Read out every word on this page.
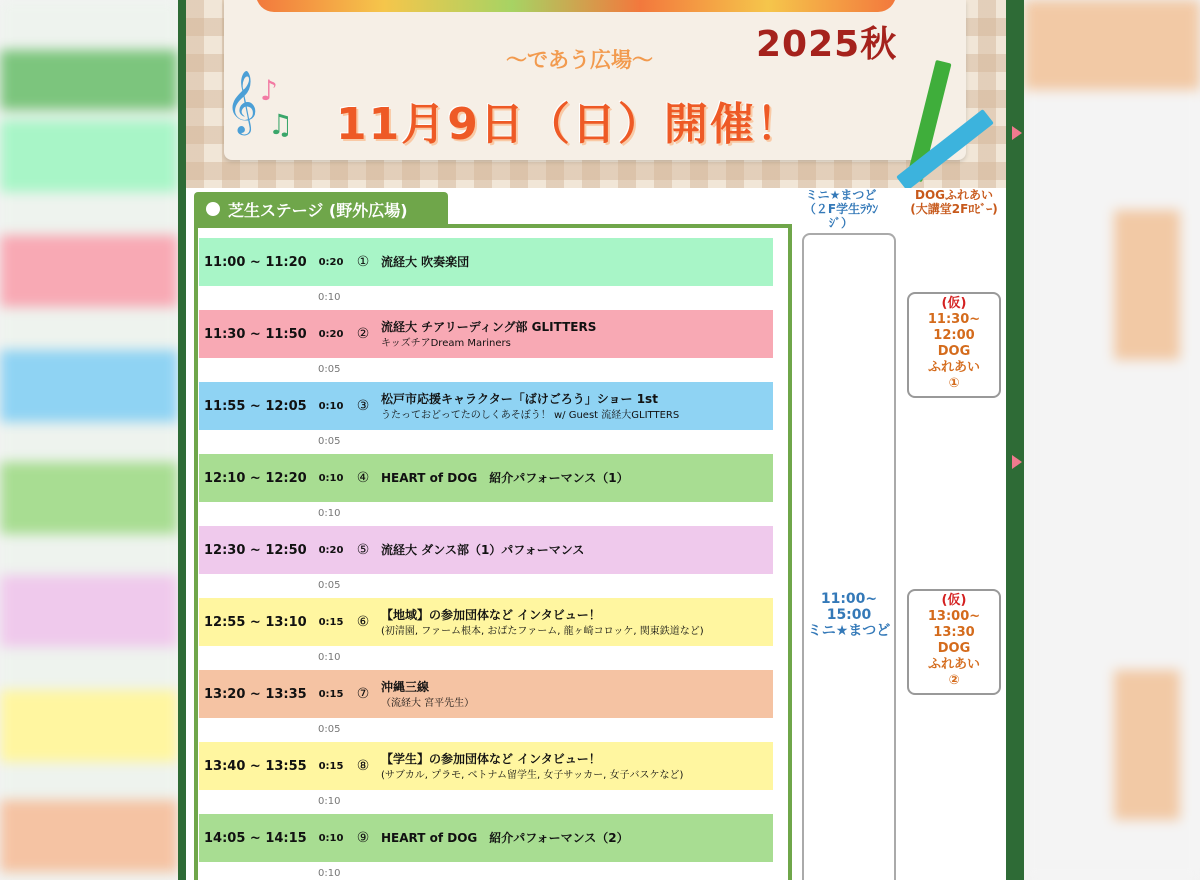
2025秋
～であう広場～
11月9日（日）開催！
𝄞 ♪
♫
芝生ステージ (野外広場)
11:00 ~ 11:20	0:20 ① 流経大 吹奏楽団
0:10
11:30 ~ 11:50	0:20 ② 流経大 チアリーディング部 GLITTERS
キッズチアDream Mariners
0:05
11:55 ~ 12:05	0:10 ③ 松戸市応援キャラクター「ばけごろう」ショー 1st
うたっておどってたのしくあそぼう！ w/ Guest 流経大GLITTERS
0:05
12:10 ~ 12:20	0:10 ④ HEART of DOG　紹介パフォーマンス（1）
0:10
12:30 ~ 12:50	0:20 ⑤ 流経大 ダンス部（1）パフォーマンス
0:05
12:55 ~ 13:10	0:15 ⑥ 【地域】の参加団体など インタビュー！
(初清園, ファーム根本, おばたファーム, 龍ヶ崎コロッケ, 関東鉄道など)
0:10
13:20 ~ 13:35	0:15 ⑦ 沖縄三線
（流経大 宮平先生）
0:05
13:40 ~ 13:55	0:15 ⑧ 【学生】の参加団体など インタビュー！
(サブカル, プラモ, ベトナム留学生, 女子サッカー, 女子バスケなど)
0:10
14:05 ~ 14:15	0:10 ⑨ HEART of DOG　紹介パフォーマンス（2）
0:10
ミニ★まつど
（２F学生ﾗｳﾝｼﾞ）
DOGふれあい
(大講堂2Fﾛﾋﾞｰ)
11:00~
15:00
ミニ★まつど
(仮)
11:30~
12:00
DOG
ふれあい
①
(仮)
13:00~
13:30
DOG
ふれあい
②
